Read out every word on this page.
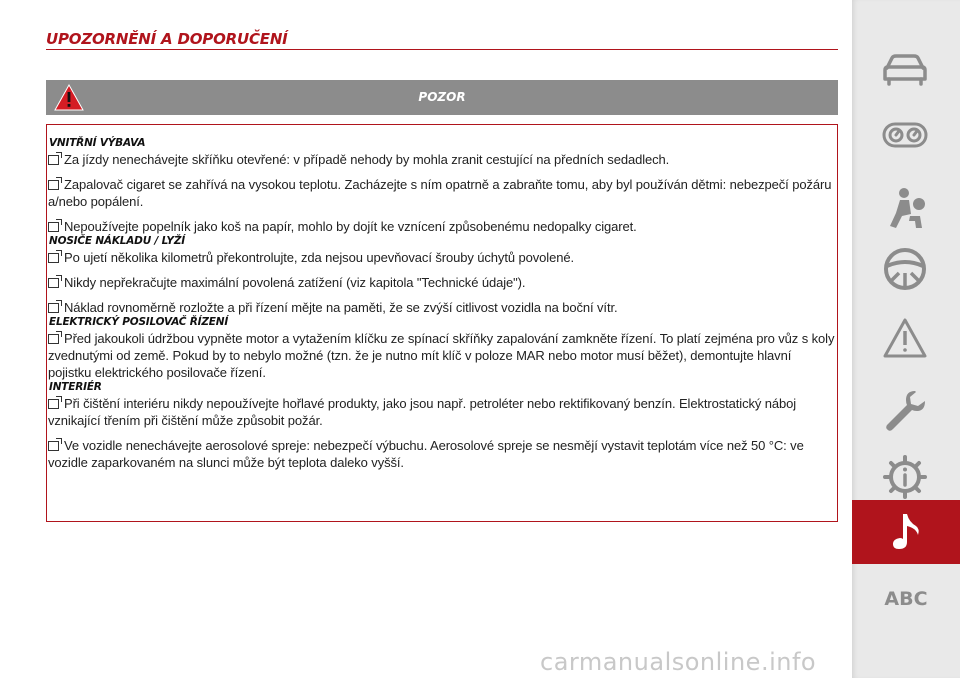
UPOZORNĚNÍ A DOPORUČENÍ
POZOR
VNITŘNÍ VÝBAVA
Za jízdy nenechávejte skříňku otevřené: v případě nehody by mohla zranit cestující na předních sedadlech.
Zapalovač cigaret se zahřívá na vysokou teplotu. Zacházejte s ním opatrně a zabraňte tomu, aby byl používán dětmi: nebezpečí požáru a/nebo popálení.
Nepoužívejte popelník jako koš na papír, mohlo by dojít ke vznícení způsobenému nedopalky cigaret.
NOSIČE NÁKLADU / LYŽÍ
Po ujetí několika kilometrů překontrolujte, zda nejsou upevňovací šrouby úchytů povolené.
Nikdy nepřekračujte maximální povolená zatížení (viz kapitola "Technické údaje").
Náklad rovnoměrně rozložte a při řízení mějte na paměti, že se zvýší citlivost vozidla na boční vítr.
ELEKTRICKÝ POSILOVAČ ŘÍZENÍ
Před jakoukoli údržbou vypněte motor a vytažením klíčku ze spínací skříňky zapalování zamkněte řízení. To platí zejména pro vůz s koly zvednutými od země. Pokud by to nebylo možné (tzn. že je nutno mít klíč v poloze MAR nebo motor musí běžet), demontujte hlavní pojistku elektrického posilovače řízení.
INTERIÉR
Při čištění interiéru nikdy nepoužívejte hořlavé produkty, jako jsou např. petroléter nebo rektifikovaný benzín. Elektrostatický náboj vznikající třením při čištění může způsobit požár.
Ve vozidle nenechávejte aerosolové spreje: nebezpečí výbuchu. Aerosolové spreje se nesmějí vystavit teplotám více než 50 °C: ve vozidle zaparkovaném na slunci může být teplota daleko vyšší.
ABC
carmanualsonline.info
